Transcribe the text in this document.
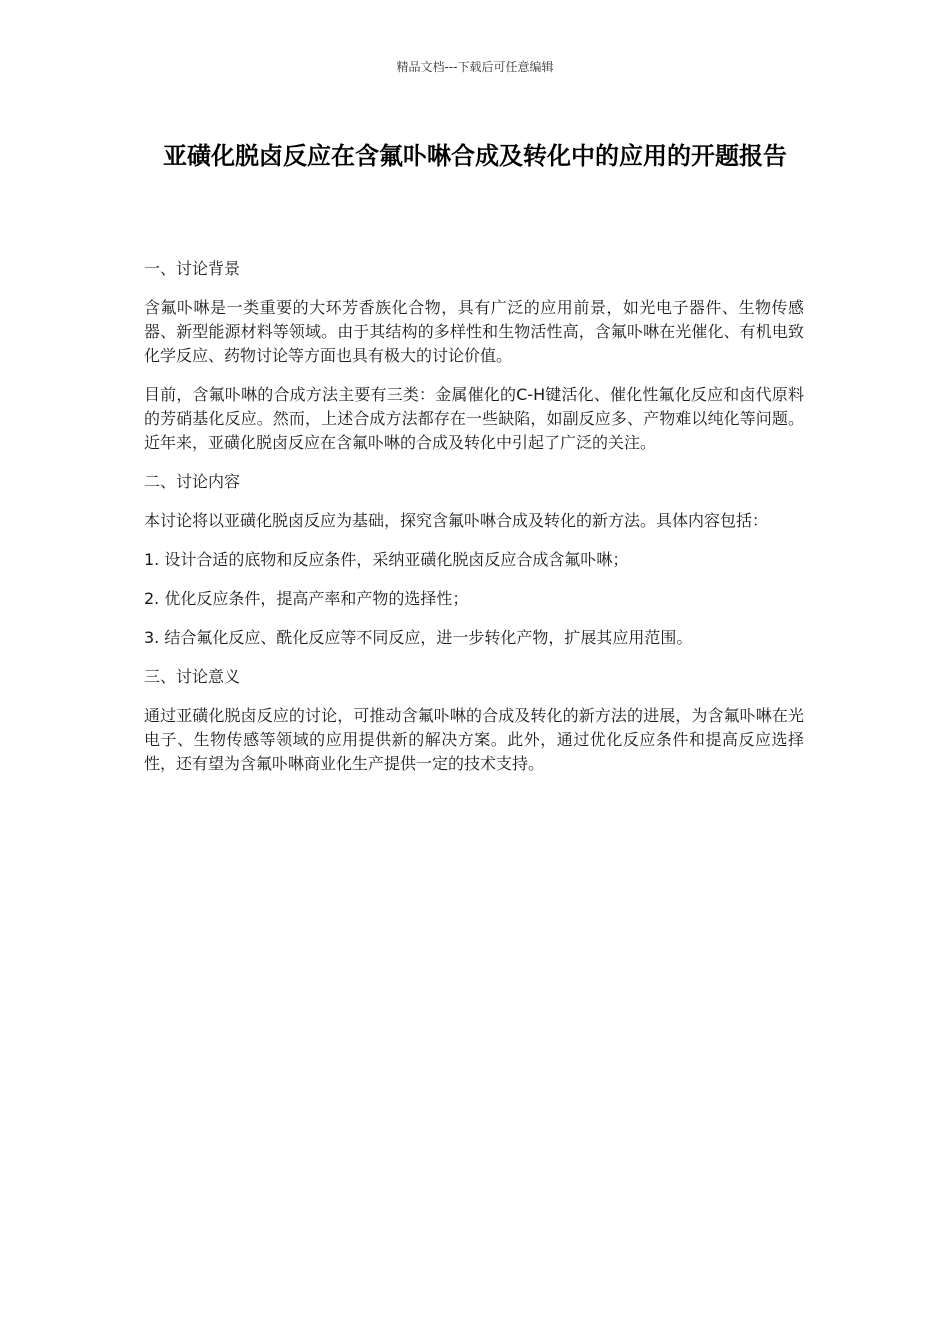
精品文档---下载后可任意编辑
亚磺化脱卤反应在含氟卟啉合成及转化中的应用的开题报告

一、讨论背景

含氟卟啉是一类重要的大环芳香族化合物，具有广泛的应用前景，如光电子器件、生物传感器、新型能源材料等领域。由于其结构的多样性和生物活性高，含氟卟啉在光催化、有机电致化学反应、药物讨论等方面也具有极大的讨论价值。

目前，含氟卟啉的合成方法主要有三类：金属催化的C-H键活化、催化性氟化反应和卤代原料的芳硝基化反应。然而，上述合成方法都存在一些缺陷，如副反应多、产物难以纯化等问题。近年来，亚磺化脱卤反应在含氟卟啉的合成及转化中引起了广泛的关注。

二、讨论内容

本讨论将以亚磺化脱卤反应为基础，探究含氟卟啉合成及转化的新方法。具体内容包括：

1. 设计合适的底物和反应条件，采纳亚磺化脱卤反应合成含氟卟啉；

2. 优化反应条件，提高产率和产物的选择性；

3. 结合氟化反应、酰化反应等不同反应，进一步转化产物，扩展其应用范围。

三、讨论意义

通过亚磺化脱卤反应的讨论，可推动含氟卟啉的合成及转化的新方法的进展，为含氟卟啉在光电子、生物传感等领域的应用提供新的解决方案。此外，通过优化反应条件和提高反应选择性，还有望为含氟卟啉商业化生产提供一定的技术支持。
